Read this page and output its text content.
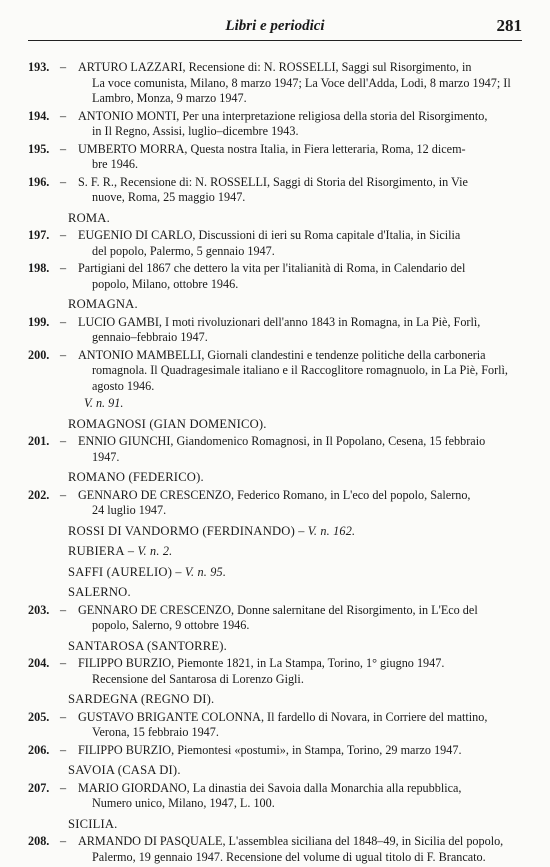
Libri e periodici	281
193. – ARTURO LAZZARI, Recensione di: N. ROSSELLI, Saggi sul Risorgimento, in
La voce comunista, Milano, 8 marzo 1947; La Voce dell'Adda, Lodi, 8 marzo 1947; Il Lambro, Monza, 9 marzo 1947.
194. – ANTONIO MONTI, Per una interpretazione religiosa della storia del Risorgimento,
in Il Regno, Assisi, luglio–dicembre 1943.
195. – UMBERTO MORRA, Questa nostra Italia, in Fiera letteraria, Roma, 12 dicem-
bre 1946.
196. – S. F. R., Recensione di: N. ROSSELLI, Saggi di Storia del Risorgimento, in Vie
nuove, Roma, 25 maggio 1947.
ROMA.
197. – EUGENIO DI CARLO, Discussioni di ieri su Roma capitale d'Italia, in Sicilia
del popolo, Palermo, 5 gennaio 1947.
198. – Partigiani del 1867 che dettero la vita per l'italianità di Roma, in Calendario del
popolo, Milano, ottobre 1946.
ROMAGNA.
199. – LUCIO GAMBI, I moti rivoluzionari dell'anno 1843 in Romagna, in La Piè, Forlì,
gennaio–febbraio 1947.
200. – ANTONIO MAMBELLI, Giornali clandestini e tendenze politiche della carboneria
romagnola. Il Quadragesimale italiano e il Raccoglitore romagnuolo, in La Piè, Forlì, agosto 1946.
V. n. 91.
ROMAGNOSI (GIAN DOMENICO).
201. – ENNIO GIUNCHI, Giandomenico Romagnosi, in Il Popolano, Cesena, 15 febbraio
1947.
ROMANO (FEDERICO).
202. – GENNARO DE CRESCENZO, Federico Romano, in L'eco del popolo, Salerno,
24 luglio 1947.
ROSSI DI VANDORMO (FERDINANDO) – V. n. 162.
RUBIERA – V. n. 2.
SAFFI (AURELIO) – V. n. 95.
SALERNO.
203. – GENNARO DE CRESCENZO, Donne salernitane del Risorgimento, in L'Eco del
popolo, Salerno, 9 ottobre 1946.
SANTAROSA (SANTORRE).
204. – FILIPPO BURZIO, Piemonte 1821, in La Stampa, Torino, 1° giugno 1947.
Recensione del Santarosa di Lorenzo Gigli.
SARDEGNA (REGNO DI).
205. – GUSTAVO BRIGANTE COLONNA, Il fardello di Novara, in Corriere del mattino,
Verona, 15 febbraio 1947.
206. – FILIPPO BURZIO, Piemontesi «postumi», in Stampa, Torino, 29 marzo 1947.
SAVOIA (CASA DI).
207. – MARIO GIORDANO, La dinastia dei Savoia dalla Monarchia alla repubblica,
Numero unico, Milano, 1947, L. 100.
SICILIA.
208. – ARMANDO DI PASQUALE, L'assemblea siciliana del 1848–49, in Sicilia del popolo,
Palermo, 19 gennaio 1947. Recensione del volume di ugual titolo di F. Brancato.
